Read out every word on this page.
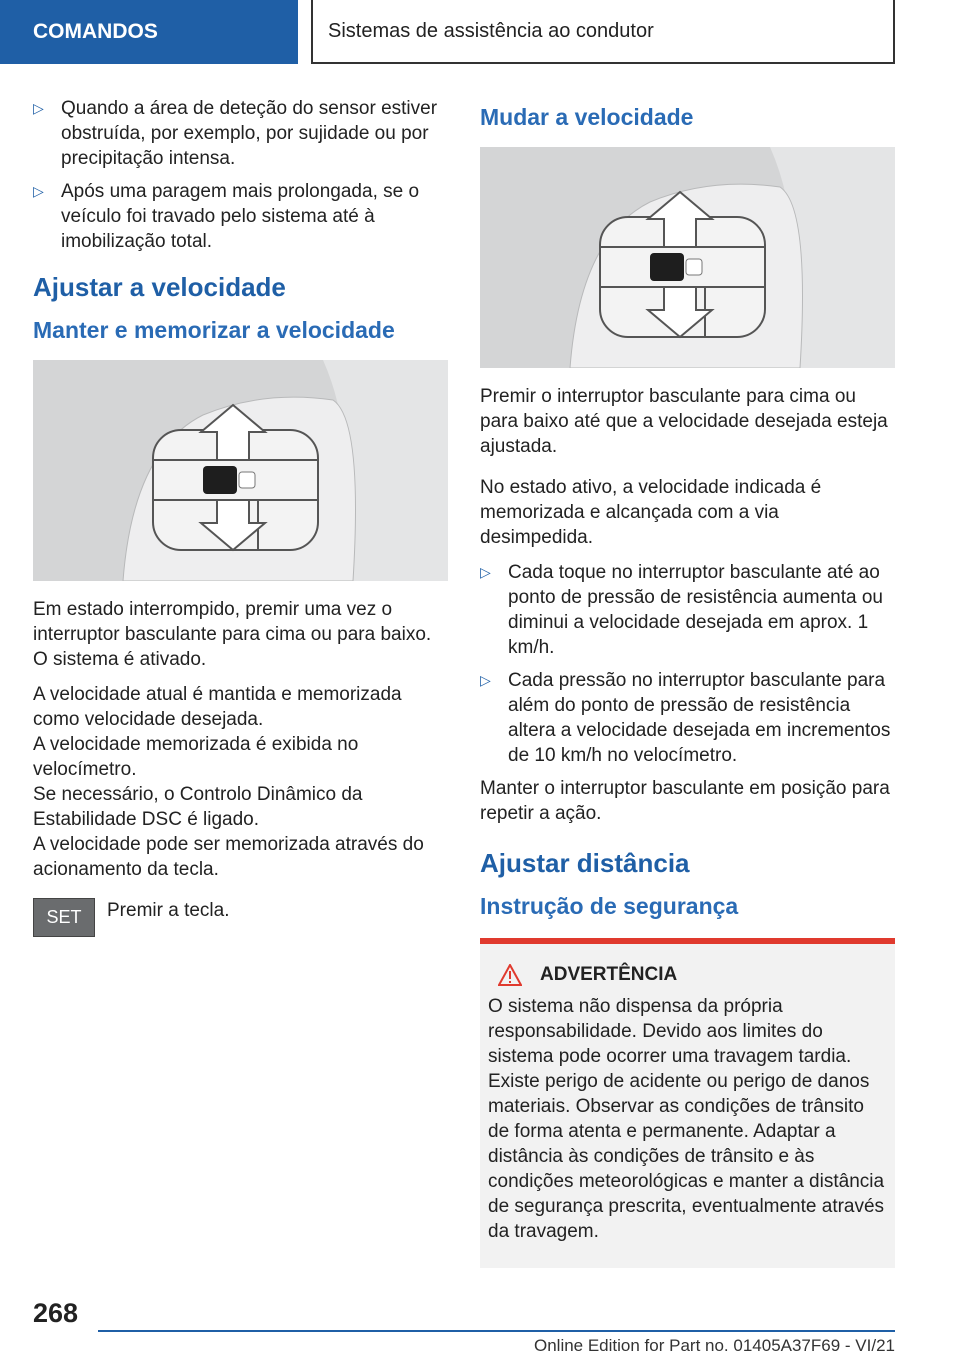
COMANDOS	Sistemas de assistência ao condutor
▷ Quando a área de deteção do sensor estiver obstruída, por exemplo, por sujidade ou por precipitação intensa.
▷ Após uma paragem mais prolongada, se o veículo foi travado pelo sistema até à imobilização total.
Ajustar a velocidade
Manter e memorizar a velocidade

Em estado interrompido, premir uma vez o interruptor basculante para cima ou para baixo. O sistema é ativado.

A velocidade atual é mantida e memorizada como velocidade desejada.

A velocidade memorizada é exibida no velocímetro.

Se necessário, o Controlo Dinâmico da Estabilidade DSC é ligado.

A velocidade pode ser memorizada através do acionamento da tecla.

SET Premir a tecla.

Mudar a velocidade

Premir o interruptor basculante para cima ou para baixo até que a velocidade desejada esteja ajustada.

No estado ativo, a velocidade indicada é memorizada e alcançada com a via desimpedida.

▷ Cada toque no interruptor basculante até ao ponto de pressão de resistência aumenta ou diminui a velocidade desejada em aprox. 1 km/h.
▷ Cada pressão no interruptor basculante para além do ponto de pressão de resistência altera a velocidade desejada em incrementos de 10 km/h no velocímetro.

Manter o interruptor basculante em posição para repetir a ação.

Ajustar distância
Instrução de segurança
ADVERTÊNCIA

O sistema não dispensa da própria responsabilidade. Devido aos limites do sistema pode ocorrer uma travagem tardia. Existe perigo de acidente ou perigo de danos materiais. Observar as condições de trânsito de forma atenta e permanente. Adaptar a distância às condições de trânsito e às condições meteorológicas e manter a distância de segurança prescrita, eventualmente através da travagem.

268
Online Edition for Part no. 01405A37F69 - VI/21
